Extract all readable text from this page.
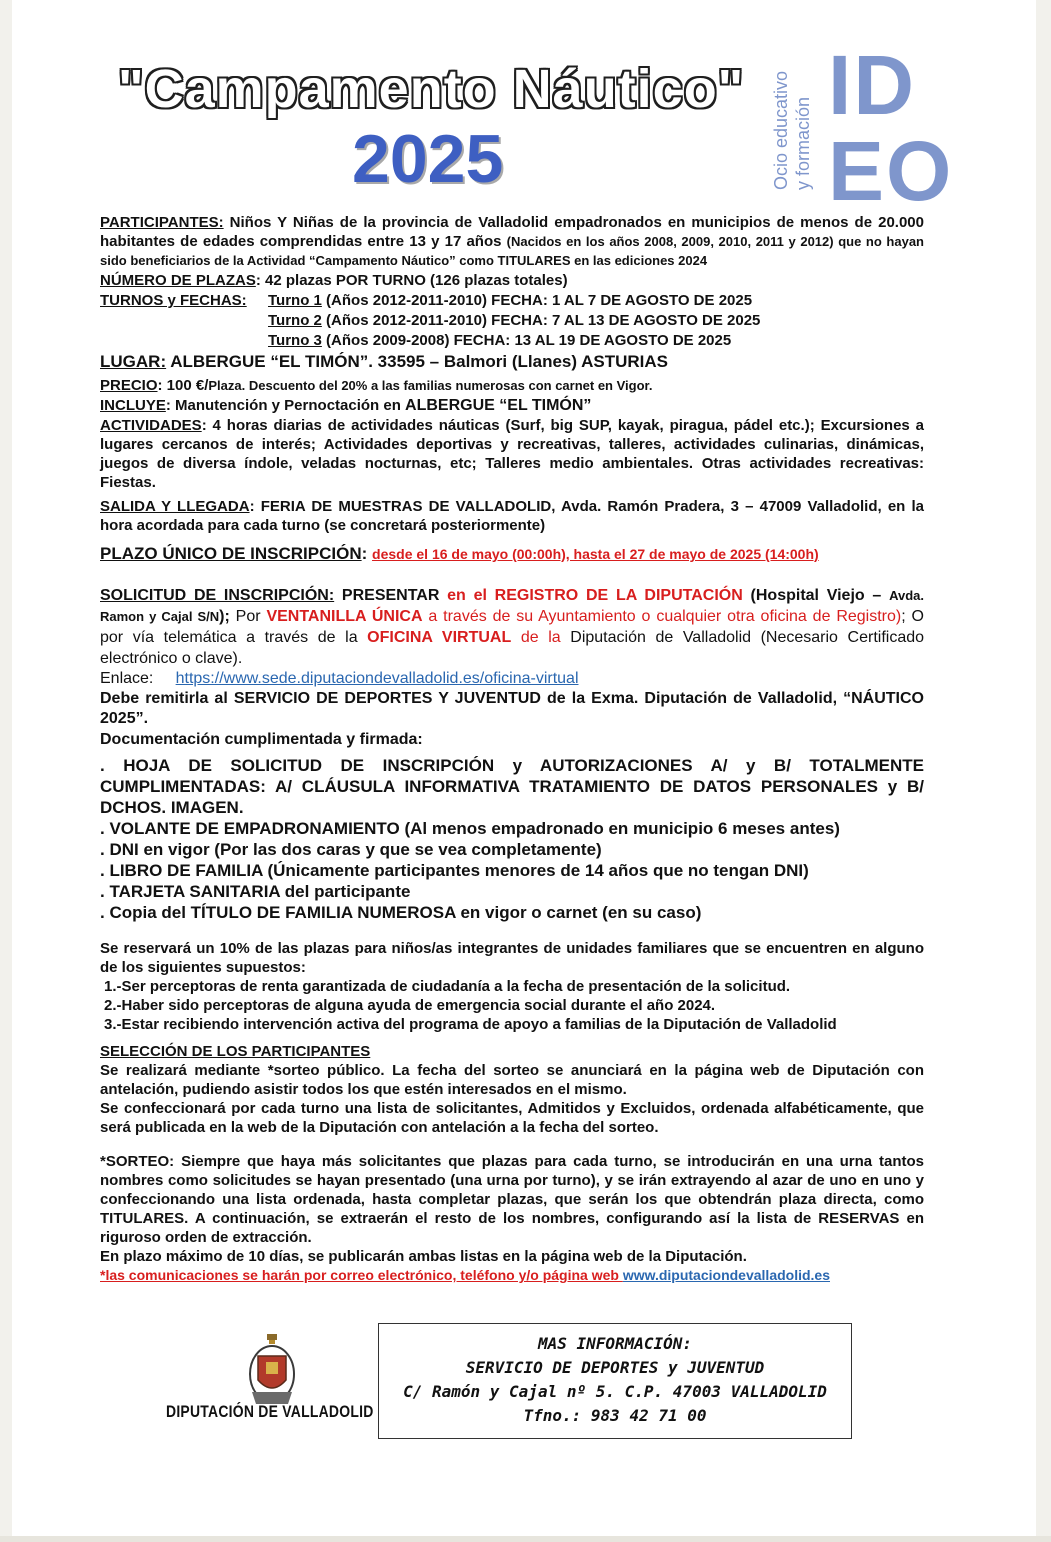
"Campamento Náutico"
2025	Ocio educativo y formación
ID
EO

PARTICIPANTES: Niños Y Niñas de la provincia de Valladolid empadronados en municipios de menos de 20.000 habitantes de edades comprendidas entre 13 y 17 años (Nacidos en los años 2008, 2009, 2010, 2011 y 2012) que no hayan sido beneficiarios de la Actividad “Campamento Náutico” como TITULARES en las ediciones 2024

NÚMERO DE PLAZAS: 42 plazas POR TURNO (126 plazas totales)

TURNOS y FECHAS:	Turno 1 (Años 2012-2011-2010) FECHA: 1 AL 7 DE AGOSTO DE 2025
Turno 2 (Años 2012-2011-2010) FECHA: 7 AL 13 DE AGOSTO DE 2025
Turno 3 (Años 2009-2008) FECHA: 13 AL 19 DE AGOSTO DE 2025

LUGAR: ALBERGUE “EL TIMÓN”. 33595 – Balmori (Llanes) ASTURIAS

PRECIO: 100 €/Plaza. Descuento del 20% a las familias numerosas con carnet en Vigor.

INCLUYE: Manutención y Pernoctación en ALBERGUE “EL TIMÓN”

ACTIVIDADES: 4 horas diarias de actividades náuticas (Surf, big SUP, kayak, piragua, pádel etc.); Excursiones a lugares cercanos de interés; Actividades deportivas y recreativas, talleres, actividades culinarias, dinámicas, juegos de diversa índole, veladas nocturnas, etc; Talleres medio ambientales. Otras actividades recreativas: Fiestas.

SALIDA Y LLEGADA: FERIA DE MUESTRAS DE VALLADOLID, Avda. Ramón Pradera, 3 – 47009 Valladolid, en la hora acordada para cada turno (se concretará posteriormente)

PLAZO ÚNICO DE INSCRIPCIÓN: desde el 16 de mayo (00:00h), hasta el 27 de mayo de 2025 (14:00h)

SOLICITUD DE INSCRIPCIÓN: PRESENTAR en el REGISTRO DE LA DIPUTACIÓN (Hospital Viejo – Avda. Ramon y Cajal S/N); Por VENTANILLA ÚNICA a través de su Ayuntamiento o cualquier otra oficina de Registro); O por vía telemática a través de la OFICINA VIRTUAL de la Diputación de Valladolid (Necesario Certificado electrónico o clave).

Enlace: https://www.sede.diputaciondevalladolid.es/oficina-virtual

Debe remitirla al SERVICIO DE DEPORTES Y JUVENTUD de la Exma. Diputación de Valladolid, “NÁUTICO 2025”.

Documentación cumplimentada y firmada:

. HOJA DE SOLICITUD DE INSCRIPCIÓN y AUTORIZACIONES A/ y B/ TOTALMENTE CUMPLIMENTADAS: A/ CLÁUSULA INFORMATIVA TRATAMIENTO DE DATOS PERSONALES y B/ DCHOS. IMAGEN.

. VOLANTE DE EMPADRONAMIENTO (Al menos empadronado en municipio 6 meses antes)

. DNI en vigor (Por las dos caras y que se vea completamente)

. LIBRO DE FAMILIA (Únicamente participantes menores de 14 años que no tengan DNI)

. TARJETA SANITARIA del participante

. Copia del TÍTULO DE FAMILIA NUMEROSA en vigor o carnet (en su caso)

Se reservará un 10% de las plazas para niños/as integrantes de unidades familiares que se encuentren en alguno de los siguientes supuestos:

1.-Ser perceptoras de renta garantizada de ciudadanía a la fecha de presentación de la solicitud.

2.-Haber sido perceptoras de alguna ayuda de emergencia social durante el año 2024.

3.-Estar recibiendo intervención activa del programa de apoyo a familias de la Diputación de Valladolid

SELECCIÓN DE LOS PARTICIPANTES

Se realizará mediante *sorteo público. La fecha del sorteo se anunciará en la página web de Diputación con antelación, pudiendo asistir todos los que estén interesados en el mismo.

Se confeccionará por cada turno una lista de solicitantes, Admitidos y Excluidos, ordenada alfabéticamente, que será publicada en la web de la Diputación con antelación a la fecha del sorteo.

*SORTEO: Siempre que haya más solicitantes que plazas para cada turno, se introducirán en una urna tantos nombres como solicitudes se hayan presentado (una urna por turno), y se irán extrayendo al azar de uno en uno y confeccionando una lista ordenada, hasta completar plazas, que serán los que obtendrán plaza directa, como TITULARES. A continuación, se extraerán el resto de los nombres, configurando así la lista de RESERVAS en riguroso orden de extracción.

En plazo máximo de 10 días, se publicarán ambas listas en la página web de la Diputación.

*las comunicaciones se harán por correo electrónico, teléfono y/o página web www.diputaciondevalladolid.es

DIPUTACIÓN DE VALLADOLID
MAS INFORMACIÓN:
SERVICIO DE DEPORTES y JUVENTUD
C/ Ramón y Cajal nº 5. C.P. 47003 VALLADOLID
Tfno.: 983 42 71 00
